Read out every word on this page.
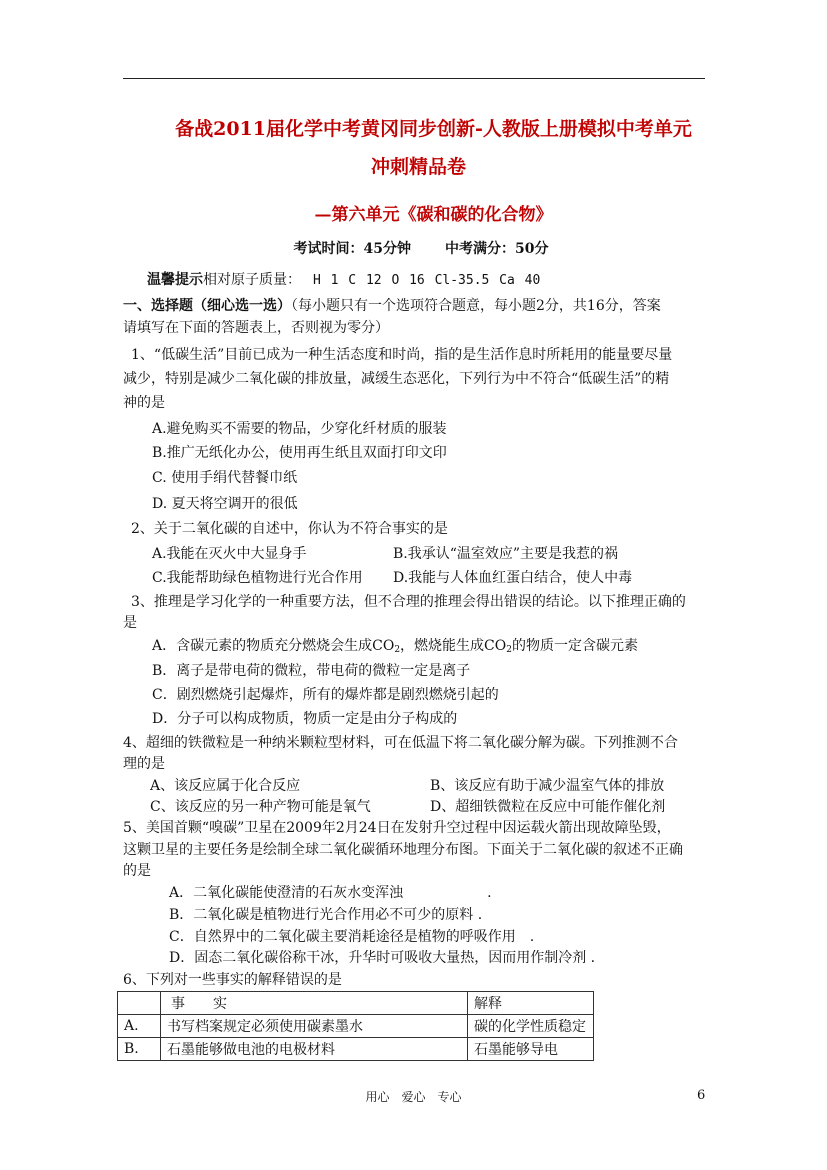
备战2011届化学中考黄冈同步创新-人教版上册模拟中考单元
冲刺精品卷
—第六单元《碳和碳的化合物》
考试时间：45分钟 中考满分：50分
温馨提示相对原子质量： H 1 C 12 O 16 Cl-35.5 Ca 40
一、选择题（细心选一选）（每小题只有一个选项符合题意，每小题2分，共16分，答案
请填写在下面的答题表上，否则视为零分）
1、“低碳生活”目前已成为一种生活态度和时尚，指的是生活作息时所耗用的能量要尽量
减少，特别是减少二氧化碳的排放量，减缓生态恶化，下列行为中不符合“低碳生活”的精
神的是
A.避免购买不需要的物品，少穿化纤材质的服装
B.推广无纸化办公，使用再生纸且双面打印文印
C. 使用手绢代替餐巾纸
D. 夏天将空调开的很低
2、关于二氧化碳的自述中，你认为不符合事实的是
A.我能在灭火中大显身手	B.我承认“温室效应”主要是我惹的祸
C.我能帮助绿色植物进行光合作用 D.我能与人体血红蛋白结合，使人中毒
3、推理是学习化学的一种重要方法，但不合理的推理会得出错误的结论。以下推理正确的
是
A．含碳元素的物质充分燃烧会生成$CO_2$，燃烧能生成$CO_2$的物质一定含碳元素
B．离子是带电荷的微粒，带电荷的微粒一定是离子
C．剧烈燃烧引起爆炸，所有的爆炸都是剧烈燃烧引起的
D．分子可以构成物质，物质一定是由分子构成的
4、超细的铁微粒是一种纳米颗粒型材料，可在低温下将二氧化碳分解为碳。下列推测不合
理的是
A、该反应属于化合反应	B、该反应有助于减少温室气体的排放
C、该反应的另一种产物可能是氧气	D、超细铁微粒在反应中可能作催化剂
5、美国首颗“嗅碳”卫星在2009年2月24日在发射升空过程中因运载火箭出现故障坠毁，
这颗卫星的主要任务是绘制全球二氧化碳循环地理分布图。下面关于二氧化碳的叙述不正确
的是
A．二氧化碳能使澄清的石灰水变浑浊　　　　　　.
B．二氧化碳是植物进行光合作用必不可少的原料 .
C．自然界中的二氧化碳主要消耗途径是植物的呼吸作用　.
D．固态二氧化碳俗称干冰，升华时可吸收大量热，因而用作制冷剂 .
6、下列对一些事实的解释错误的是
	事　　实	解释
A.	书写档案规定必须使用碳素墨水	碳的化学性质稳定
B.	石墨能够做电池的电极材料	石墨能够导电
用心 爱心 专心	6
